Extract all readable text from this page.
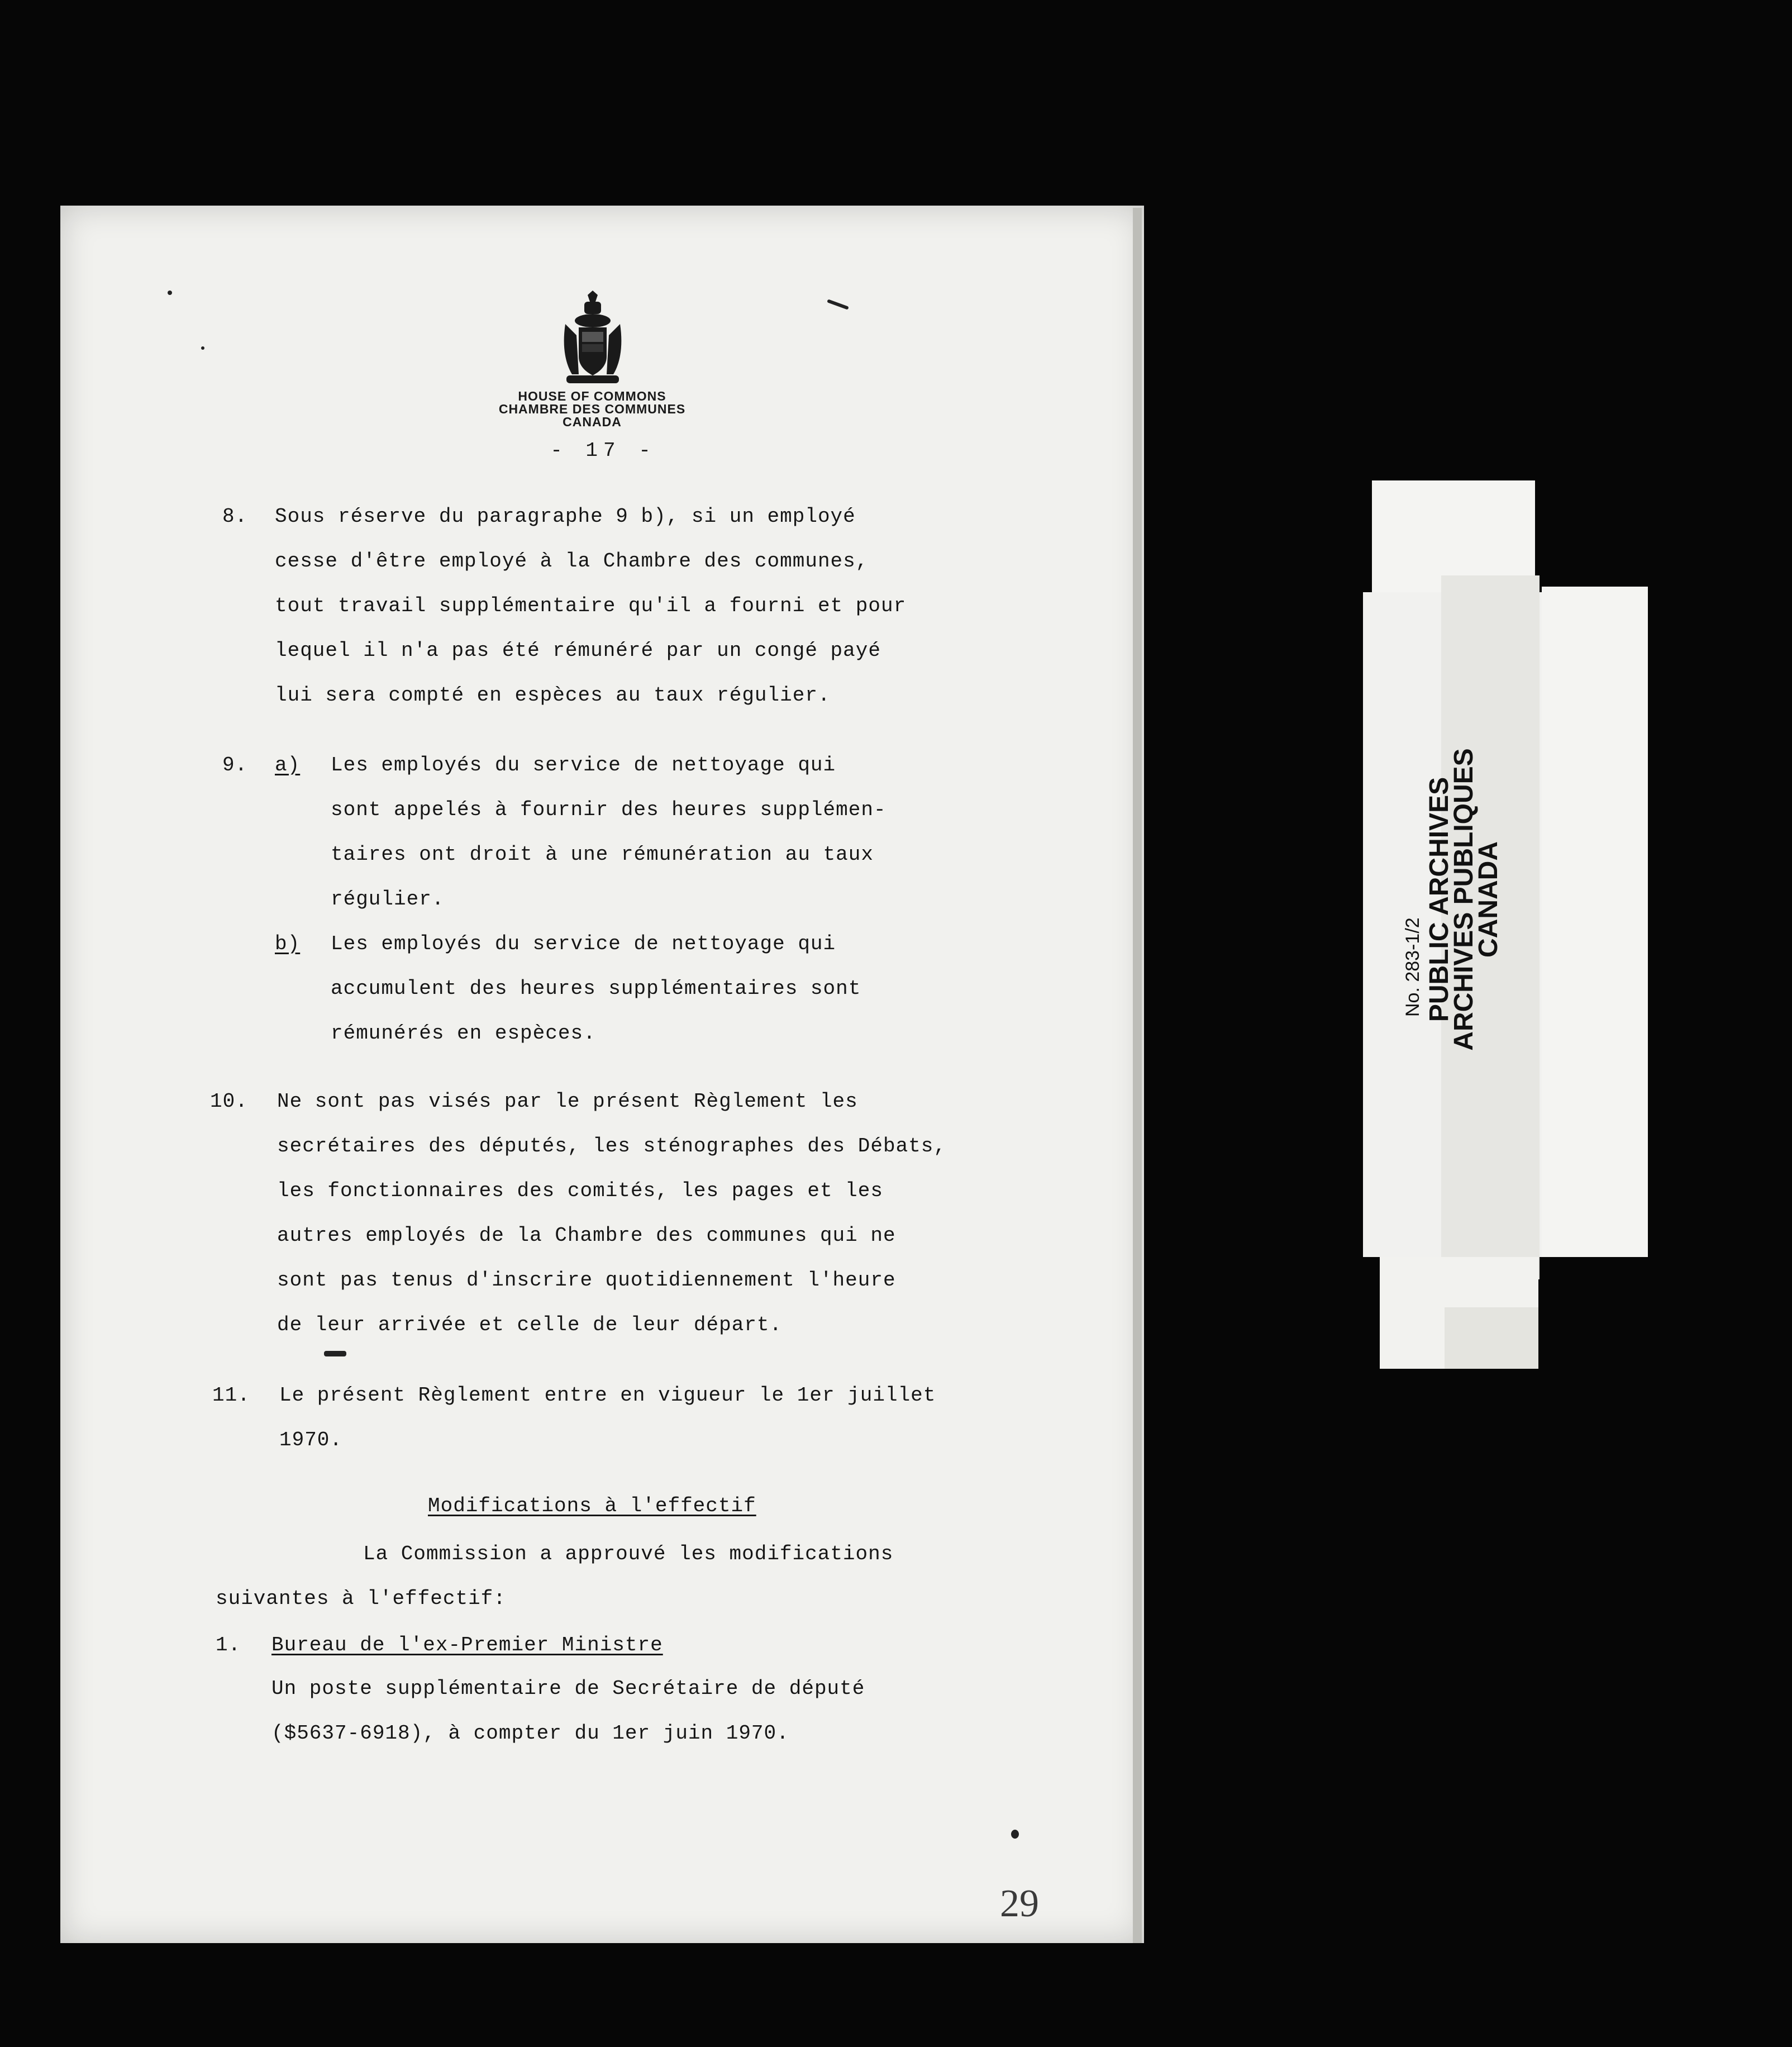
HOUSE OF COMMONS
CHAMBRE DES COMMUNES
CANADA
- 17 -
8. Sous réserve du paragraphe 9 b), si un employé
cesse d'être employé à la Chambre des communes,
tout travail supplémentaire qu'il a fourni et pour
lequel il n'a pas été rémunéré par un congé payé
lui sera compté en espèces au taux régulier.
9. a) Les employés du service de nettoyage qui
sont appelés à fournir des heures supplémen-
taires ont droit à une rémunération au taux
régulier.
b) Les employés du service de nettoyage qui
accumulent des heures supplémentaires sont
rémunérés en espèces.
10. Ne sont pas visés par le présent Règlement les
secrétaires des députés, les sténographes des Débats,
les fonctionnaires des comités, les pages et les
autres employés de la Chambre des communes qui ne
sont pas tenus d'inscrire quotidiennement l'heure
de leur arrivée et celle de leur départ.
11. Le présent Règlement entre en vigueur le 1er juillet
1970.
Modifications à l'effectif
La Commission a approuvé les modifications
suivantes à l'effectif:
1. Bureau de l'ex-Premier Ministre
Un poste supplémentaire de Secrétaire de député
($5637-6918), à compter du 1er juin 1970.
29
No. 283-1/2 PUBLIC ARCHIVES
ARCHIVES PUBLIQUES
CANADA
